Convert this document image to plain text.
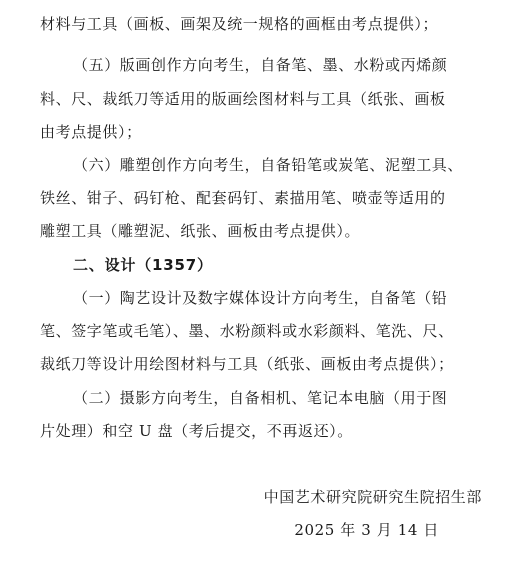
材料与工具（画板、画架及统一规格的画框由考点提供）；
（五）版画创作方向考生，自备笔、墨、水粉或丙烯颜
料、尺、裁纸刀等适用的版画绘图材料与工具（纸张、画板
由考点提供）；
（六）雕塑创作方向考生，自备铅笔或炭笔、泥塑工具、
铁丝、钳子、码钉枪、配套码钉、素描用笔、喷壶等适用的
雕塑工具（雕塑泥、纸张、画板由考点提供）。
二、设计（1357）
（一）陶艺设计及数字媒体设计方向考生，自备笔（铅
笔、签字笔或毛笔）、墨、水粉颜料或水彩颜料、笔洗、尺、
裁纸刀等设计用绘图材料与工具（纸张、画板由考点提供）；
（二）摄影方向考生，自备相机、笔记本电脑（用于图
片处理）和空 U 盘（考后提交，不再返还）。
中国艺术研究院研究生院招生部
2025 年 3 月 14 日
